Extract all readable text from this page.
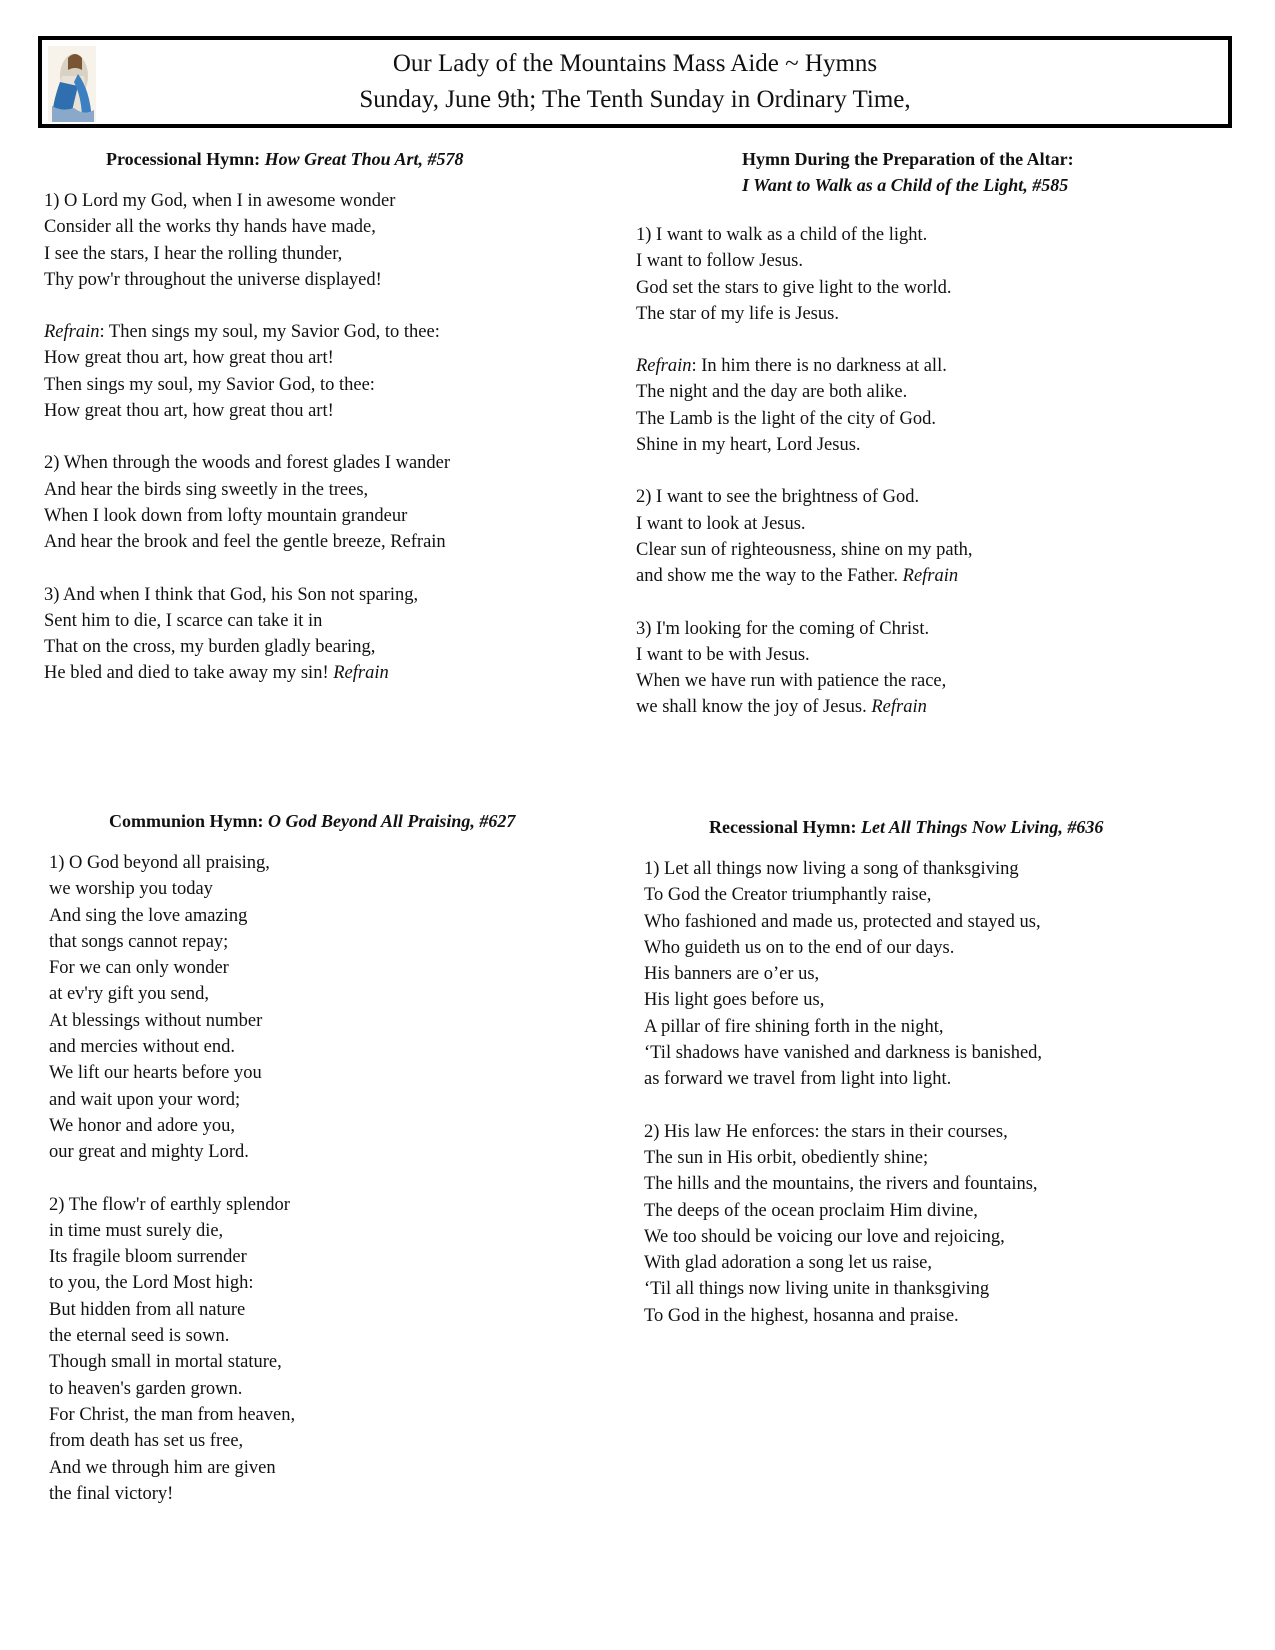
Our Lady of the Mountains Mass Aide ~ Hymns
Sunday, June 9th; The Tenth Sunday in Ordinary Time,
Processional Hymn: How Great Thou Art, #578
1) O Lord my God, when I in awesome wonder
Consider all the works thy hands have made,
I see the stars, I hear the rolling thunder,
Thy pow'r throughout the universe displayed!
Refrain: Then sings my soul, my Savior God, to thee:
How great thou art, how great thou art!
Then sings my soul, my Savior God, to thee:
How great thou art, how great thou art!
2) When through the woods and forest glades I wander
And hear the birds sing sweetly in the trees,
When I look down from lofty mountain grandeur
And hear the brook and feel the gentle breeze, Refrain
3) And when I think that God, his Son not sparing,
Sent him to die, I scarce can take it in
That on the cross, my burden gladly bearing,
He bled and died to take away my sin! Refrain
Hymn During the Preparation of the Altar:
I Want to Walk as a Child of the Light, #585
1) I want to walk as a child of the light.
I want to follow Jesus.
God set the stars to give light to the world.
The star of my life is Jesus.
Refrain: In him there is no darkness at all.
The night and the day are both alike.
The Lamb is the light of the city of God.
Shine in my heart, Lord Jesus.
2) I want to see the brightness of God.
I want to look at Jesus.
Clear sun of righteousness, shine on my path,
and show me the way to the Father. Refrain
3) I'm looking for the coming of Christ.
I want to be with Jesus.
When we have run with patience the race,
we shall know the joy of Jesus. Refrain
Communion Hymn: O God Beyond All Praising, #627
1) O God beyond all praising,
we worship you today
And sing the love amazing
that songs cannot repay;
For we can only wonder
at ev'ry gift you send,
At blessings without number
and mercies without end.
We lift our hearts before you
and wait upon your word;
We honor and adore you,
our great and mighty Lord.
2) The flow'r of earthly splendor
in time must surely die,
Its fragile bloom surrender
to you, the Lord Most high:
But hidden from all nature
the eternal seed is sown.
Though small in mortal stature,
to heaven's garden grown.
For Christ, the man from heaven,
from death has set us free,
And we through him are given
the final victory!
Recessional Hymn: Let All Things Now Living, #636
1) Let all things now living a song of thanksgiving
To God the Creator triumphantly raise,
Who fashioned and made us, protected and stayed us,
Who guideth us on to the end of our days.
His banners are o’er us,
His light goes before us,
A pillar of fire shining forth in the night,
‘Til shadows have vanished and darkness is banished,
as forward we travel from light into light.
2) His law He enforces: the stars in their courses,
The sun in His orbit, obediently shine;
The hills and the mountains, the rivers and fountains,
The deeps of the ocean proclaim Him divine,
We too should be voicing our love and rejoicing,
With glad adoration a song let us raise,
‘Til all things now living unite in thanksgiving
To God in the highest, hosanna and praise.
